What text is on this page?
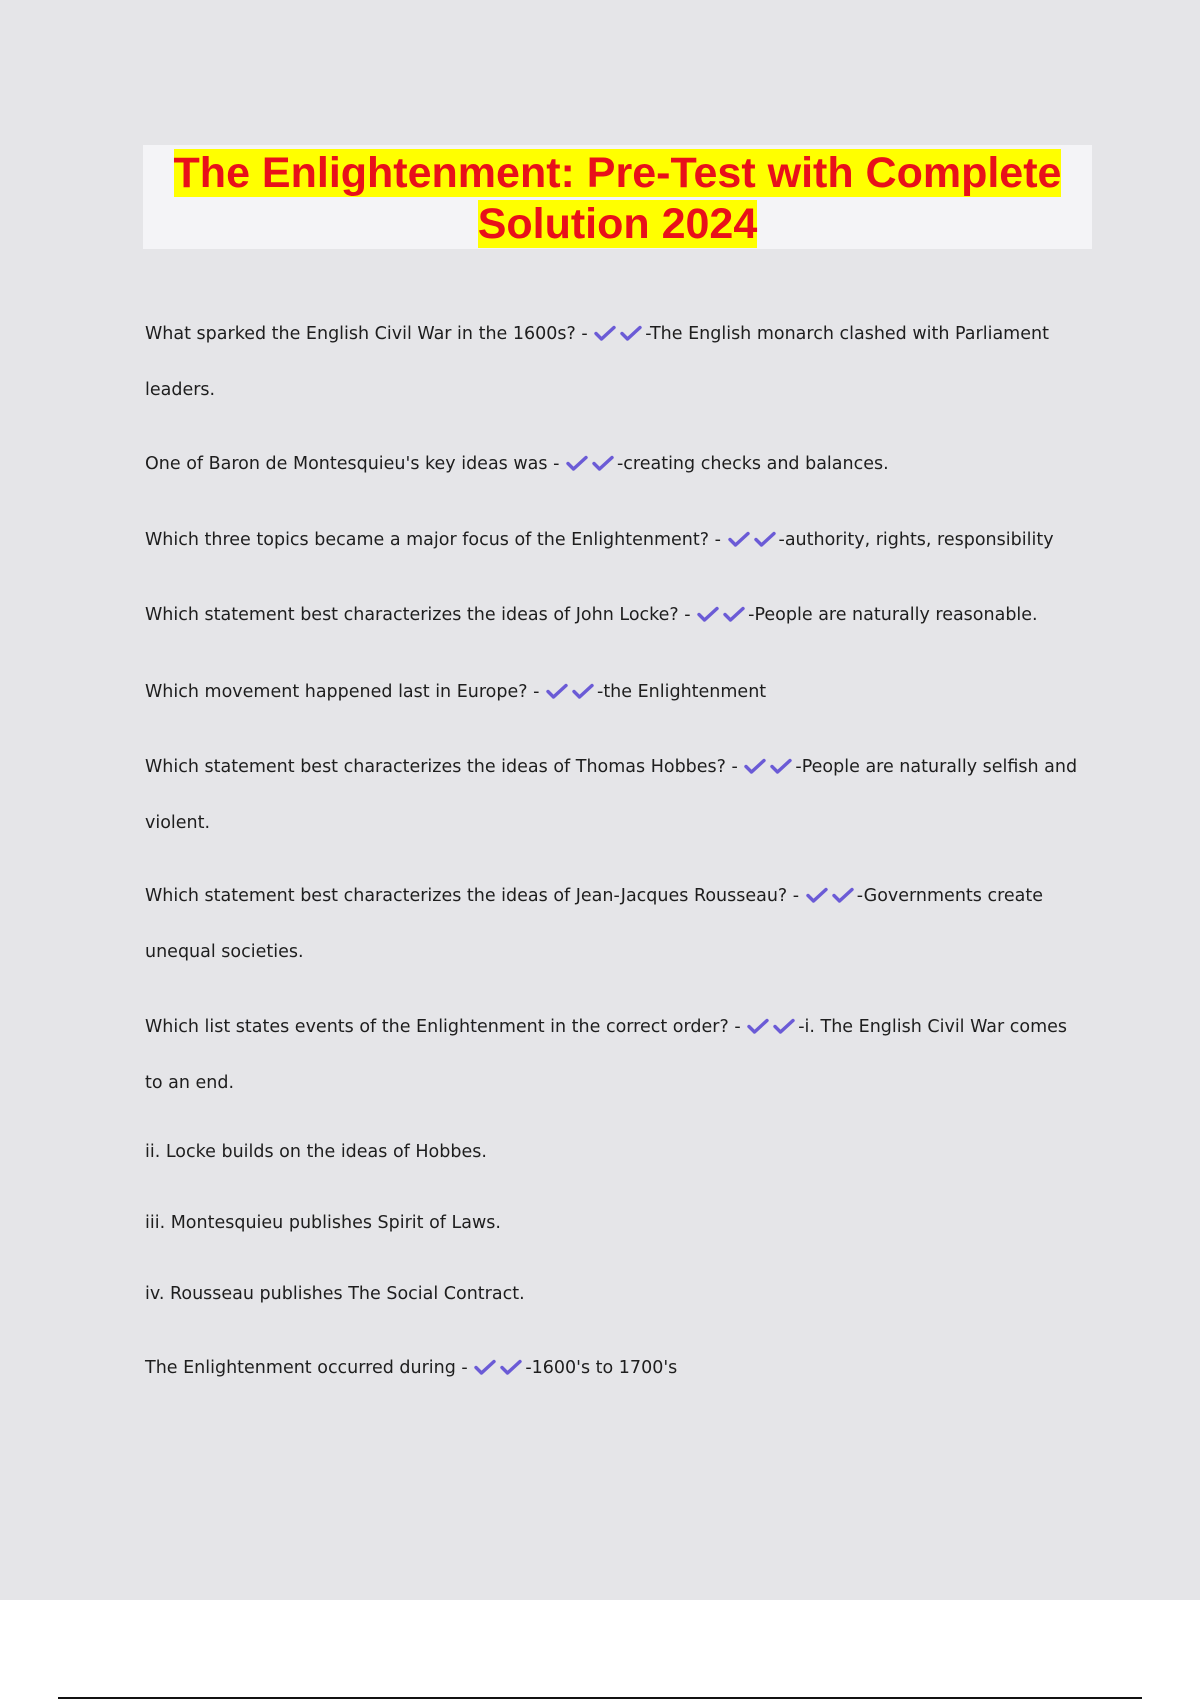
The Enlightenment: Pre-Test with Complete
Solution 2024

What sparked the English Civil War in the 1600s? -	-The English monarch clashed with Parliament leaders.

One of Baron de Montesquieu's key ideas was -	-creating checks and balances.

Which three topics became a major focus of the Enlightenment? -	-authority, rights, responsibility

Which statement best characterizes the ideas of John Locke? -	-People are naturally reasonable.

Which movement happened last in Europe? -	-the Enlightenment

Which statement best characterizes the ideas of Thomas Hobbes? -	-People are naturally selfish and violent.

Which statement best characterizes the ideas of Jean-Jacques Rousseau? -	-Governments create unequal societies.

Which list states events of the Enlightenment in the correct order? -	-i. The English Civil War comes to an end.

ii. Locke builds on the ideas of Hobbes.

iii. Montesquieu publishes Spirit of Laws.

iv. Rousseau publishes The Social Contract.

The Enlightenment occurred during -	-1600's to 1700's
